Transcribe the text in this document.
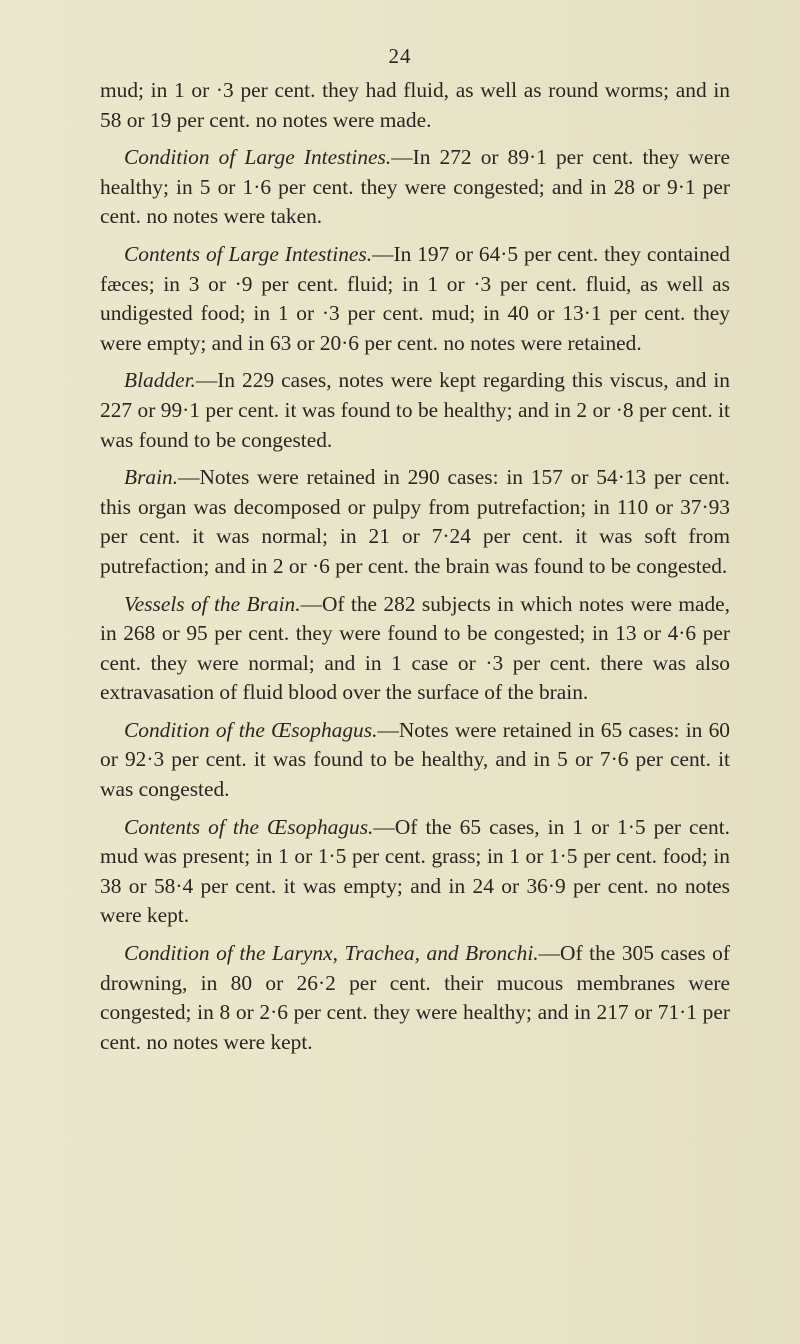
24

mud; in 1 or ·3 per cent. they had fluid, as well as round worms; and in 58 or 19 per cent. no notes were made.

Condition of Large Intestines.—In 272 or 89·1 per cent. they were healthy; in 5 or 1·6 per cent. they were congested; and in 28 or 9·1 per cent. no notes were taken.

Contents of Large Intestines.—In 197 or 64·5 per cent. they contained fæces; in 3 or ·9 per cent. fluid; in 1 or ·3 per cent. fluid, as well as undigested food; in 1 or ·3 per cent. mud; in 40 or 13·1 per cent. they were empty; and in 63 or 20·6 per cent. no notes were retained.

Bladder.—In 229 cases, notes were kept regarding this viscus, and in 227 or 99·1 per cent. it was found to be healthy; and in 2 or ·8 per cent. it was found to be congested.

Brain.—Notes were retained in 290 cases: in 157 or 54·13 per cent. this organ was decomposed or pulpy from putrefaction; in 110 or 37·93 per cent. it was normal; in 21 or 7·24 per cent. it was soft from putrefaction; and in 2 or ·6 per cent. the brain was found to be congested.

Vessels of the Brain.—Of the 282 subjects in which notes were made, in 268 or 95 per cent. they were found to be congested; in 13 or 4·6 per cent. they were normal; and in 1 case or ·3 per cent. there was also extravasation of fluid blood over the surface of the brain.

Condition of the Œsophagus.—Notes were retained in 65 cases: in 60 or 92·3 per cent. it was found to be healthy, and in 5 or 7·6 per cent. it was congested.

Contents of the Œsophagus.—Of the 65 cases, in 1 or 1·5 per cent. mud was present; in 1 or 1·5 per cent. grass; in 1 or 1·5 per cent. food; in 38 or 58·4 per cent. it was empty; and in 24 or 36·9 per cent. no notes were kept.

Condition of the Larynx, Trachea, and Bronchi.—Of the 305 cases of drowning, in 80 or 26·2 per cent. their mucous membranes were congested; in 8 or 2·6 per cent. they were healthy; and in 217 or 71·1 per cent. no notes were kept.
